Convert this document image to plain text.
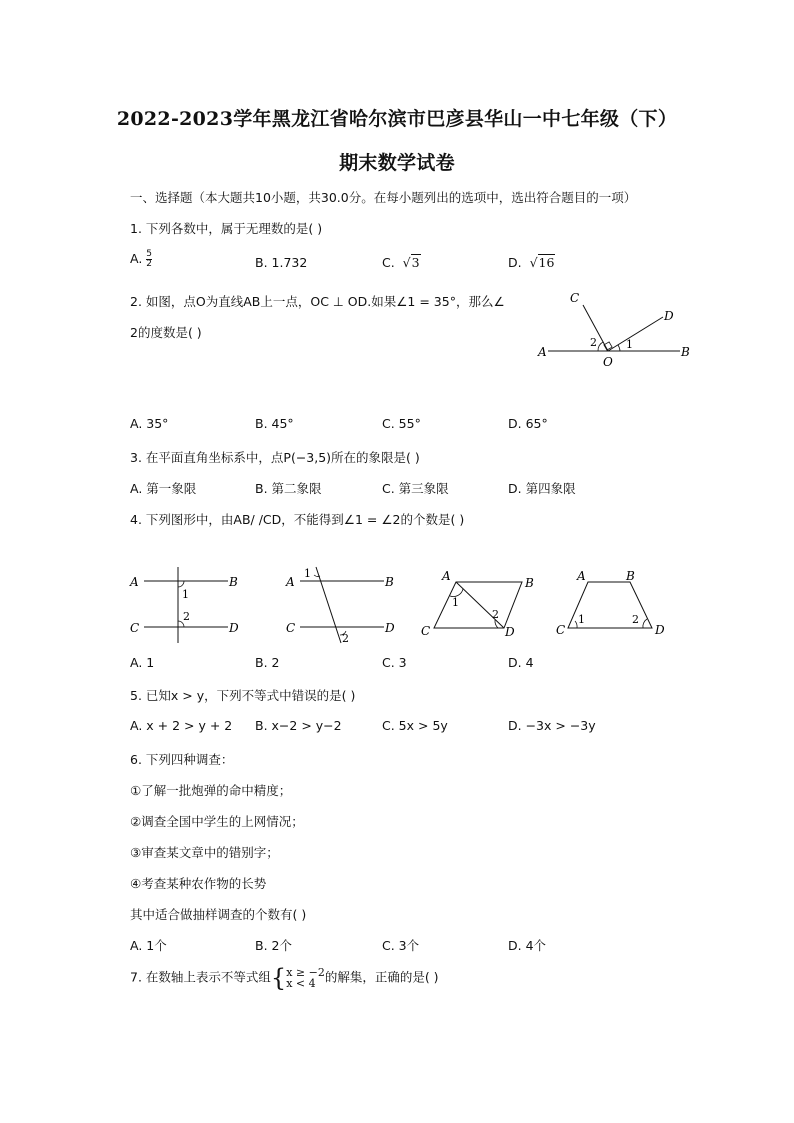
2022-2023学年黑龙江省哈尔滨市巴彦县华山一中七年级（下）
期末数学试卷
一、选择题（本大题共10小题，共30.0分。在每小题列出的选项中，选出符合题目的一项）
1. 下列各数中，属于无理数的是( )
A. $\frac{5}{2}$	B. 1.732	C. √3	D. √16
2. 如图，点O为直线AB上一点，OC ⊥ OD.如果∠1 = 35°，那么∠
2的度数是( )
A	B
C
D
O
1
2
A. 35°	B. 45°	C. 55°	D. 65°
3. 在平面直角坐标系中，点P(−3,5)所在的象限是( )
A. 第一象限	B. 第二象限	C. 第三象限	D. 第四象限
4. 下列图形中，由AB/ /CD，不能得到∠1 = ∠2的个数是( )
A	B
C	D
1
2
A	B
C	D
1
2
A	B
C	D
1
2
A	B
C	D
1	2
A. 1	B. 2	C. 3	D. 4
5. 已知x > y，下列不等式中错误的是( )
A. x + 2 > y + 2 B. x−2 > y−2	C. 5x > 5y	D. −3x > −3y
6. 下列四种调查：
①了解一批炮弹的命中精度；
②调查全国中学生的上网情况；
③审查某文章中的错别字；
④考查某种农作物的长势
其中适合做抽样调查的个数有( )
A. 1个	B. 2个	C. 3个	D. 4个
7. 在数轴上表示不等式组{ x ≥ −2
x < 4 的解集，正确的是( )
